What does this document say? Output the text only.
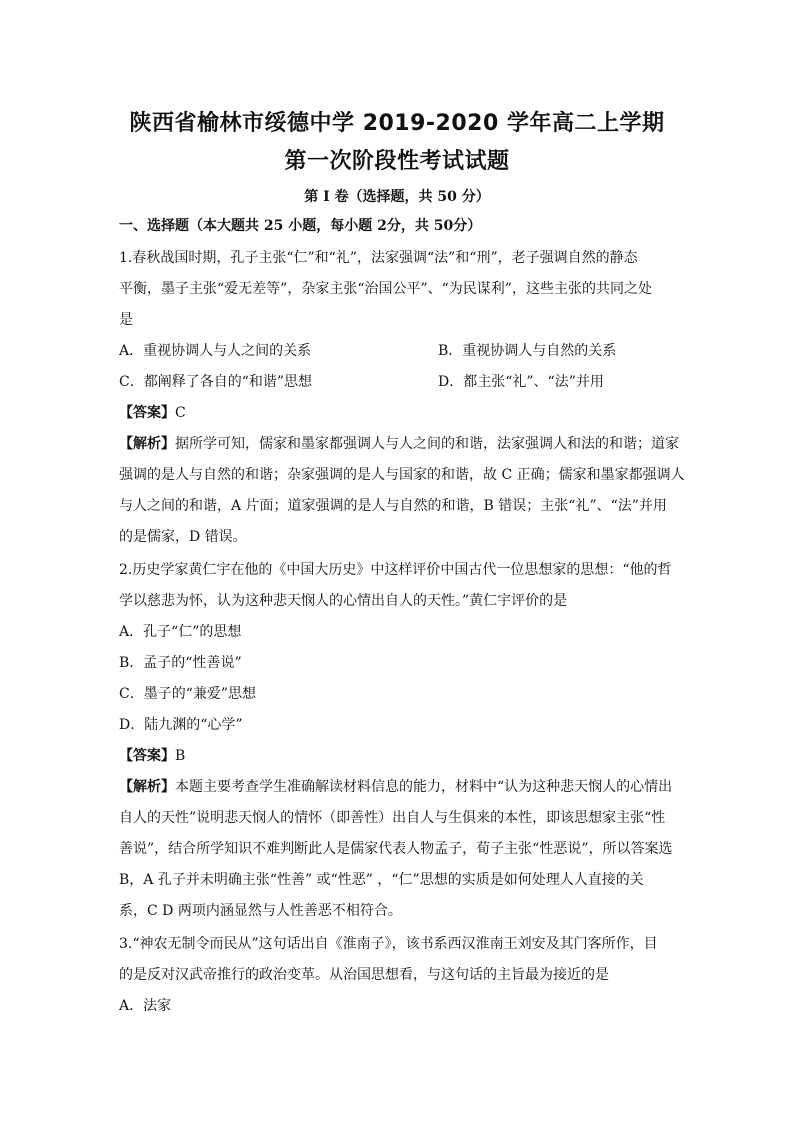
陕西省榆林市绥德中学 2019-2020 学年高二上学期
第一次阶段性考试试题
第 I 卷（选择题，共 50 分）
一、选择题（本大题共 25 小题，每小题 2分，共 50分）
1.春秋战国时期，孔子主张“仁”和“礼”，法家强调“法”和“刑”，老子强调自然的静态
平衡，墨子主张“爱无差等”，杂家主张“治国公平”、“为民谋利”，这些主张的共同之处
是
A．重视协调人与人之间的关系	B．重视协调人与自然的关系
C．都阐释了各自的“和谐”思想	D．都主张“礼”、“法”并用
【答案】C
【解析】据所学可知，儒家和墨家都强调人与人之间的和谐，法家强调人和法的和谐；道家
强调的是人与自然的和谐；杂家强调的是人与国家的和谐，故 C 正确；儒家和墨家都强调人
与人之间的和谐，A 片面；道家强调的是人与自然的和谐，B 错误；主张“礼”、“法”并用
的是儒家，D 错误。
2.历史学家黄仁宇在他的《中国大历史》中这样评价中国古代一位思想家的思想：“他的哲
学以慈悲为怀，认为这种悲天悯人的心情出自人的天性。”黄仁宇评价的是
A．孔子“仁”的思想
B．孟子的“性善说”
C．墨子的“兼爱”思想
D．陆九渊的“心学”
【答案】B
【解析】本题主要考查学生准确解读材料信息的能力，材料中“认为这种悲天悯人的心情出
自人的天性”说明悲天悯人的情怀（即善性）出自人与生俱来的本性，即该思想家主张“性
善说”，结合所学知识不难判断此人是儒家代表人物孟子，荀子主张“性恶说”，所以答案选
B，A 孔子并未明确主张“性善” 或“性恶” ，“仁”思想的实质是如何处理人人直接的关
系，C D 两项内涵显然与人性善恶不相符合。
3.“神农无制令而民从”这句话出自《淮南子》，该书系西汉淮南王刘安及其门客所作，目
的是反对汉武帝推行的政治变革。从治国思想看，与这句话的主旨最为接近的是
A．法家
